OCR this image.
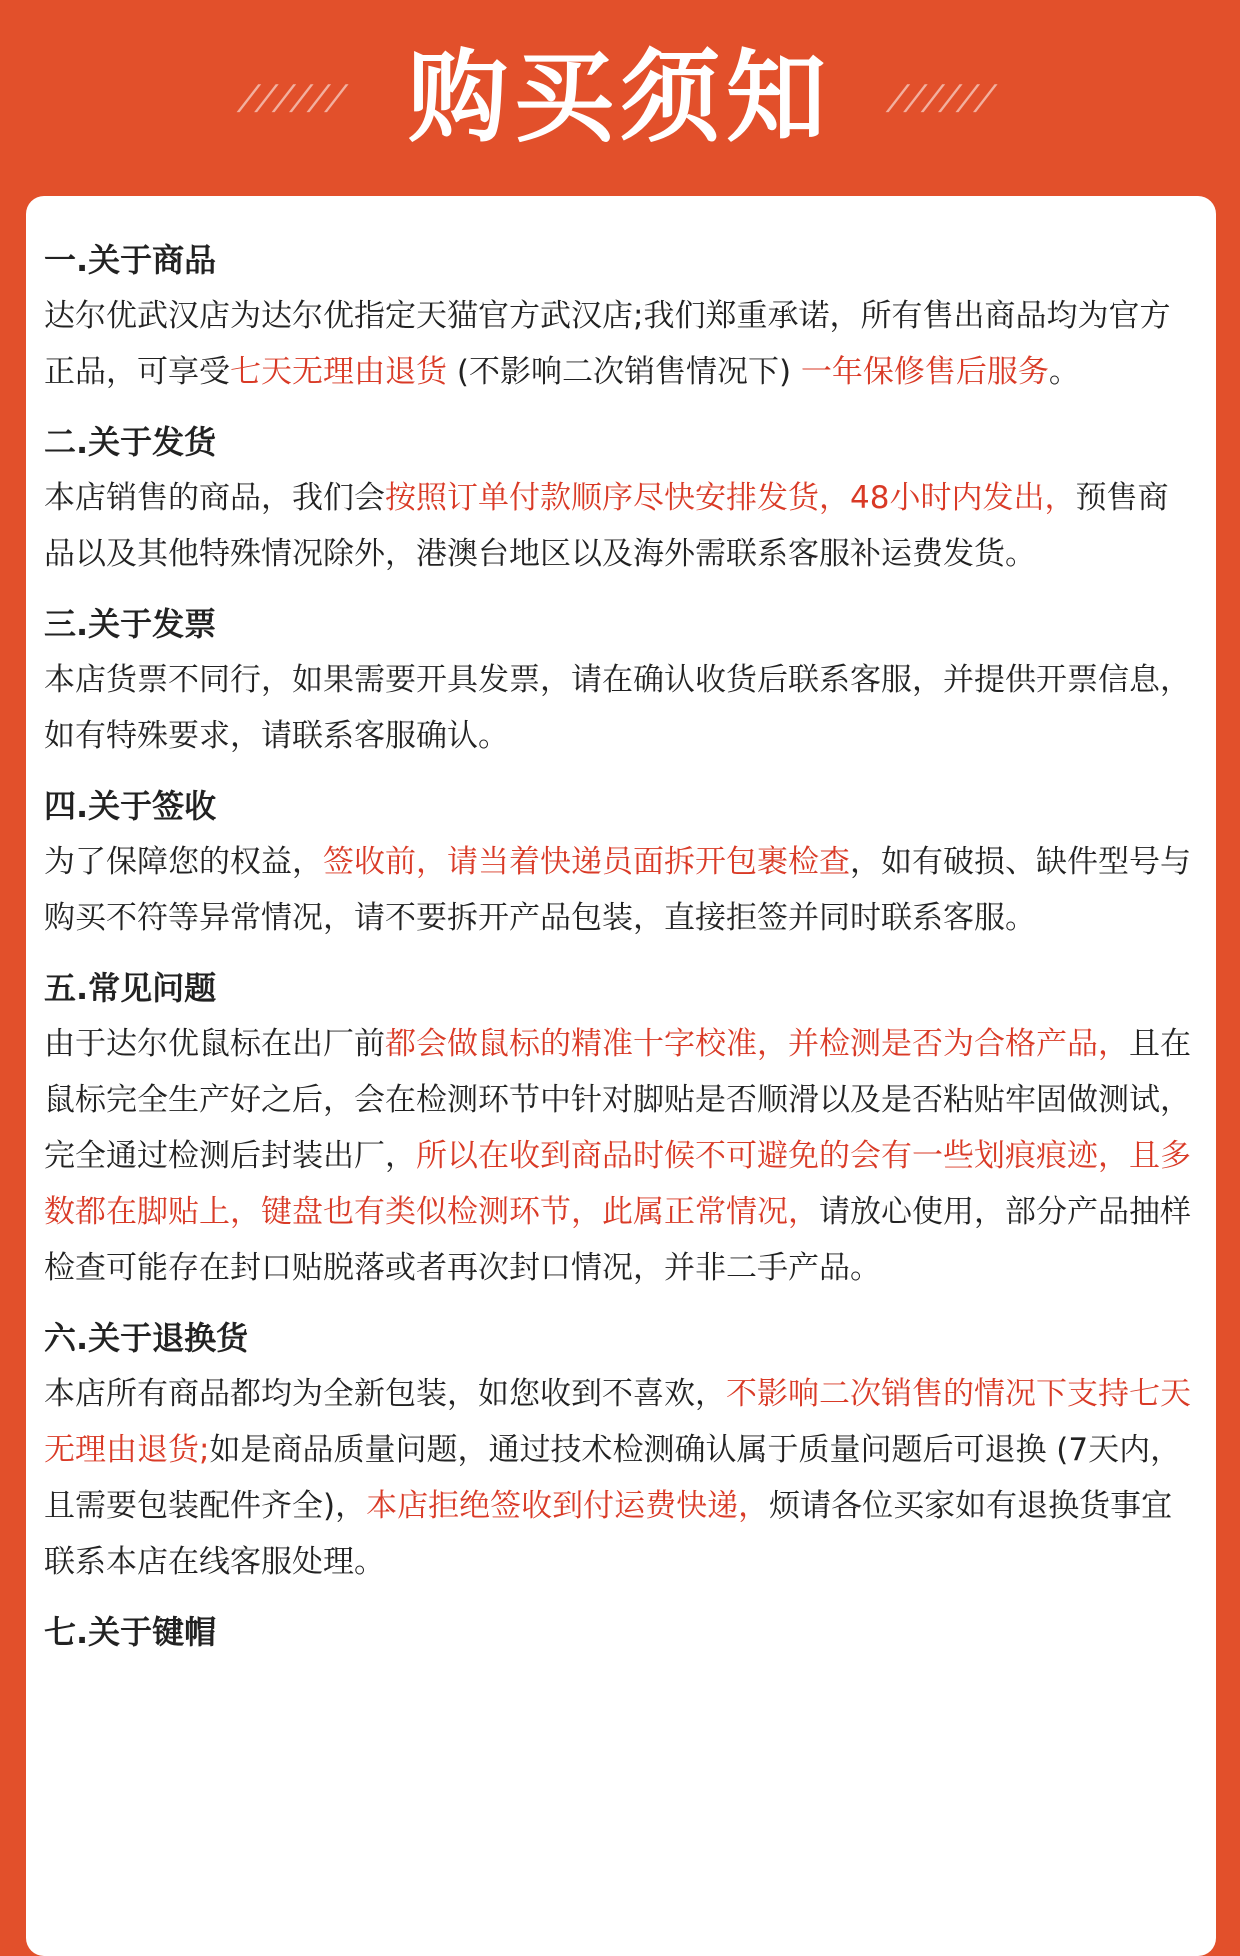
////// 购买须知 //////
一.关于商品

达尔优武汉店为达尔优指定天猫官方武汉店;我们郑重承诺，所有售出商品均为官方正品，可享受七天无理由退货 (不影响二次销售情况下) 一年保修售后服务。

二.关于发货

本店销售的商品，我们会按照订单付款顺序尽快安排发货，48小时内发出，预售商品以及其他特殊情况除外，港澳台地区以及海外需联系客服补运费发货。

三.关于发票

本店货票不同行，如果需要开具发票，请在确认收货后联系客服，并提供开票信息，如有特殊要求，请联系客服确认。

四.关于签收

为了保障您的权益，签收前，请当着快递员面拆开包裹检查，如有破损、缺件型号与购买不符等异常情况，请不要拆开产品包装，直接拒签并同时联系客服。

五.常见问题

由于达尔优鼠标在出厂前都会做鼠标的精准十字校准，并检测是否为合格产品，且在鼠标完全生产好之后，会在检测环节中针对脚贴是否顺滑以及是否粘贴牢固做测试，完全通过检测后封装出厂，所以在收到商品时候不可避免的会有一些划痕痕迹，且多数都在脚贴上，键盘也有类似检测环节，此属正常情况，请放心使用，部分产品抽样检查可能存在封口贴脱落或者再次封口情况，并非二手产品。

六.关于退换货

本店所有商品都均为全新包装，如您收到不喜欢，不影响二次销售的情况下支持七天无理由退货;如是商品质量问题，通过技术检测确认属于质量问题后可退换 (7天内，且需要包装配件齐全)，本店拒绝签收到付运费快递，烦请各位买家如有退换货事宜联系本店在线客服处理。

七.关于键帽
